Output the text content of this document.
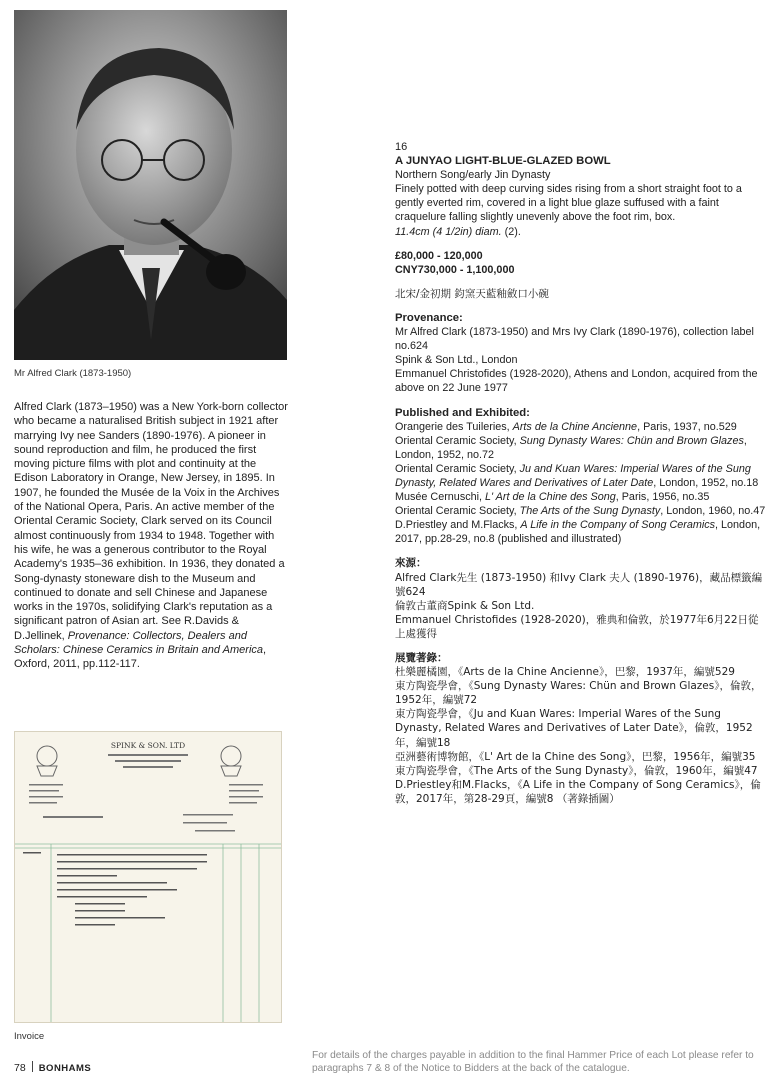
Mr Alfred Clark (1873-1950)
Alfred Clark (1873–1950) was a New York-born collector who became a naturalised British subject in 1921 after marrying Ivy nee Sanders (1890-1976). A pioneer in sound reproduction and film, he produced the first moving picture films with plot and continuity at the Edison Laboratory in Orange, New Jersey, in 1895. In 1907, he founded the Musée de la Voix in the Archives of the National Opera, Paris. An active member of the Oriental Ceramic Society, Clark served on its Council almost continuously from 1934 to 1948. Together with his wife, he was a generous contributor to the Royal Academy's 1935–36 exhibition. In 1936, they donated a Song-dynasty stoneware dish to the Museum and continued to donate and sell Chinese and Japanese works in the 1970s, solidifying Clark's reputation as a significant patron of Asian art. See R.Davids & D.Jellinek, Provenance: Collectors, Dealers and Scholars: Chinese Ceramics in Britain and America, Oxford, 2011, pp.112-117.
SPINK & SON. LTD
Invoice
16
A JUNYAO LIGHT-BLUE-GLAZED BOWL
Northern Song/early Jin Dynasty
Finely potted with deep curving sides rising from a short straight foot to a gently everted rim, covered in a light blue glaze suffused with a faint craquelure falling slightly unevenly above the foot rim, box.
11.4cm (4 1/2in) diam. (2).
£80,000 - 120,000
CNY730,000 - 1,100,000
北宋/金初期 鈞窯天藍釉斂口小碗
Provenance:
Mr Alfred Clark (1873-1950) and Mrs Ivy Clark (1890-1976), collection label no.624
Spink & Son Ltd., London
Emmanuel Christofides (1928-2020), Athens and London, acquired from the above on 22 June 1977
Published and Exhibited:
Orangerie des Tuileries, Arts de la Chine Ancienne, Paris, 1937, no.529
Oriental Ceramic Society, Sung Dynasty Wares: Chün and Brown Glazes, London, 1952, no.72
Oriental Ceramic Society, Ju and Kuan Wares: Imperial Wares of the Sung Dynasty, Related Wares and Derivatives of Later Date, London, 1952, no.18
Musée Cernuschi, L' Art de la Chine des Song, Paris, 1956, no.35
Oriental Ceramic Society, The Arts of the Sung Dynasty, London, 1960, no.47
D.Priestley and M.Flacks, A Life in the Company of Song Ceramics, London, 2017, pp.28-29, no.8 (published and illustrated)
來源：
Alfred Clark先生 (1873-1950) 和Ivy Clark 夫人 (1890-1976)，藏品標籤編號624
倫敦古董商Spink & Son Ltd.
Emmanuel Christofides (1928-2020)，雅典和倫敦，於1977年6月22日從上處獲得
展覽著錄：
杜樂麗橘園，《Arts de la Chine Ancienne》，巴黎，1937年，編號529
東方陶瓷學會，《Sung Dynasty Wares: Chün and Brown Glazes》，倫敦，1952年，編號72
東方陶瓷學會，《Ju and Kuan Wares: Imperial Wares of the Sung Dynasty, Related Wares and Derivatives of Later Date》，倫敦，1952年，編號18
亞洲藝術博物館，《L' Art de la Chine des Song》，巴黎，1956年，編號35
東方陶瓷學會，《The Arts of the Sung Dynasty》，倫敦，1960年，編號47
D.Priestley和M.Flacks，《A Life in the Company of Song Ceramics》，倫敦，2017年，第28-29頁，編號8 （著錄插圖）
78 BONHAMS
For details of the charges payable in addition to the final Hammer Price of each Lot please refer to paragraphs 7 & 8 of the Notice to Bidders at the back of the catalogue.
